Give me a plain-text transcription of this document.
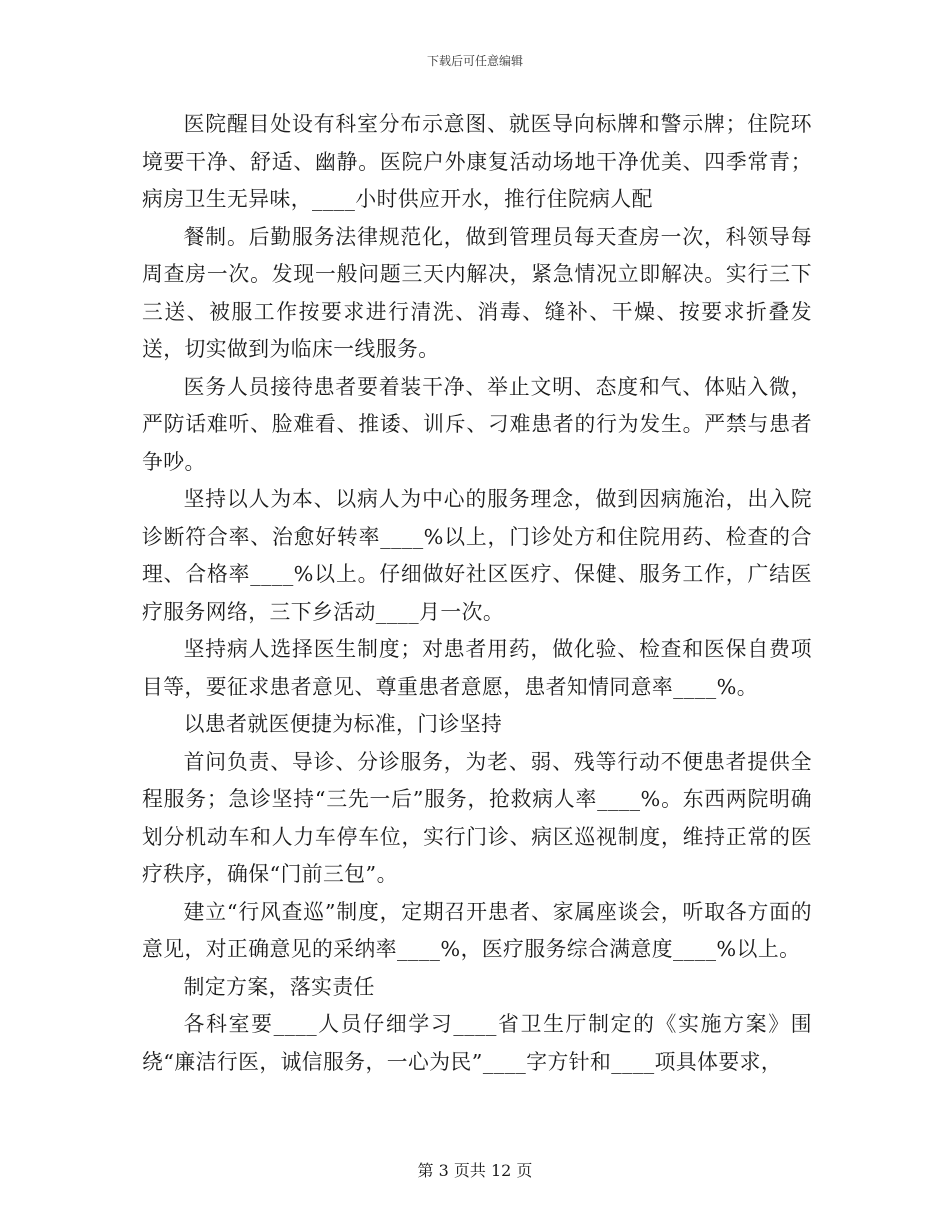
下载后可任意编辑

医院醒目处设有科室分布示意图、就医导向标牌和警示牌；住院环境要干净、舒适、幽静。医院户外康复活动场地干净优美、四季常青；病房卫生无异味，____小时供应开水，推行住院病人配

餐制。后勤服务法律规范化，做到管理员每天查房一次，科领导每周查房一次。发现一般问题三天内解决，紧急情况立即解决。实行三下三送、被服工作按要求进行清洗、消毒、缝补、干燥、按要求折叠发送，切实做到为临床一线服务。

医务人员接待患者要着装干净、举止文明、态度和气、体贴入微，严防话难听、脸难看、推诿、训斥、刁难患者的行为发生。严禁与患者争吵。

坚持以人为本、以病人为中心的服务理念，做到因病施治，出入院诊断符合率、治愈好转率____%以上，门诊处方和住院用药、检查的合理、合格率____%以上。仔细做好社区医疗、保健、服务工作，广结医疗服务网络，三下乡活动____月一次。

坚持病人选择医生制度；对患者用药，做化验、检查和医保自费项目等，要征求患者意见、尊重患者意愿，患者知情同意率____%。

以患者就医便捷为标准，门诊坚持

首问负责、导诊、分诊服务，为老、弱、残等行动不便患者提供全程服务；急诊坚持“三先一后”服务，抢救病人率____%。东西两院明确划分机动车和人力车停车位，实行门诊、病区巡视制度，维持正常的医疗秩序，确保“门前三包”。

建立“行风查巡”制度，定期召开患者、家属座谈会，听取各方面的意见，对正确意见的采纳率____%，医疗服务综合满意度____%以上。

制定方案，落实责任

各科室要____人员仔细学习____省卫生厅制定的《实施方案》围绕“廉洁行医，诚信服务，一心为民”____字方针和____项具体要求，

第 3 页共 12 页
